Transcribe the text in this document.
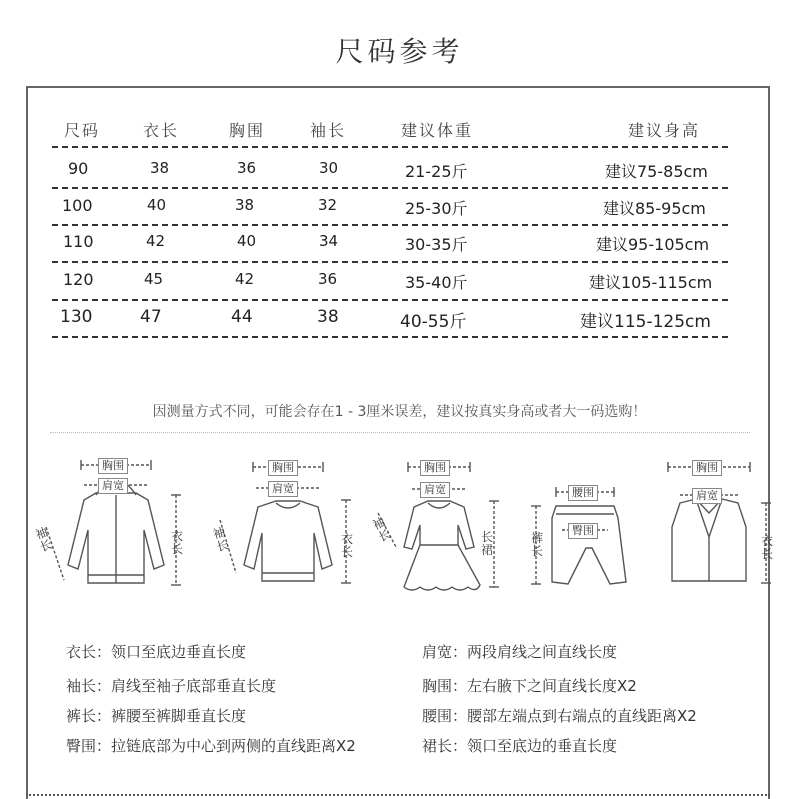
尺码参考
尺码	衣长	胸围	袖长	建议体重	建议身高
90	38	36	30	21-25斤	建议75-85cm
100	40	38	32	25-30斤	建议85-95cm
110	42	40	34	30-35斤	建议95-105cm
120	45	42	36	35-40斤	建议105-115cm
130	47	44	38	40-55斤	建议115-125cm
因测量方式不同，可能会存在1 - 3厘米误差，建议按真实身高或者大一码选购！
胸围
肩宽
袖长
衣长
胸围
肩宽
袖长	衣长
胸围
肩宽
袖长	长裙
腰围
臀围
裤长
胸围
肩宽
衣长
衣长：领口至底边垂直长度
袖长：肩线至袖子底部垂直长度
裤长：裤腰至裤脚垂直长度
臀围：拉链底部为中心到两侧的直线距离X2
肩宽：两段肩线之间直线长度
胸围：左右腋下之间直线长度X2
腰围：腰部左端点到右端点的直线距离X2
裙长：领口至底边的垂直长度
